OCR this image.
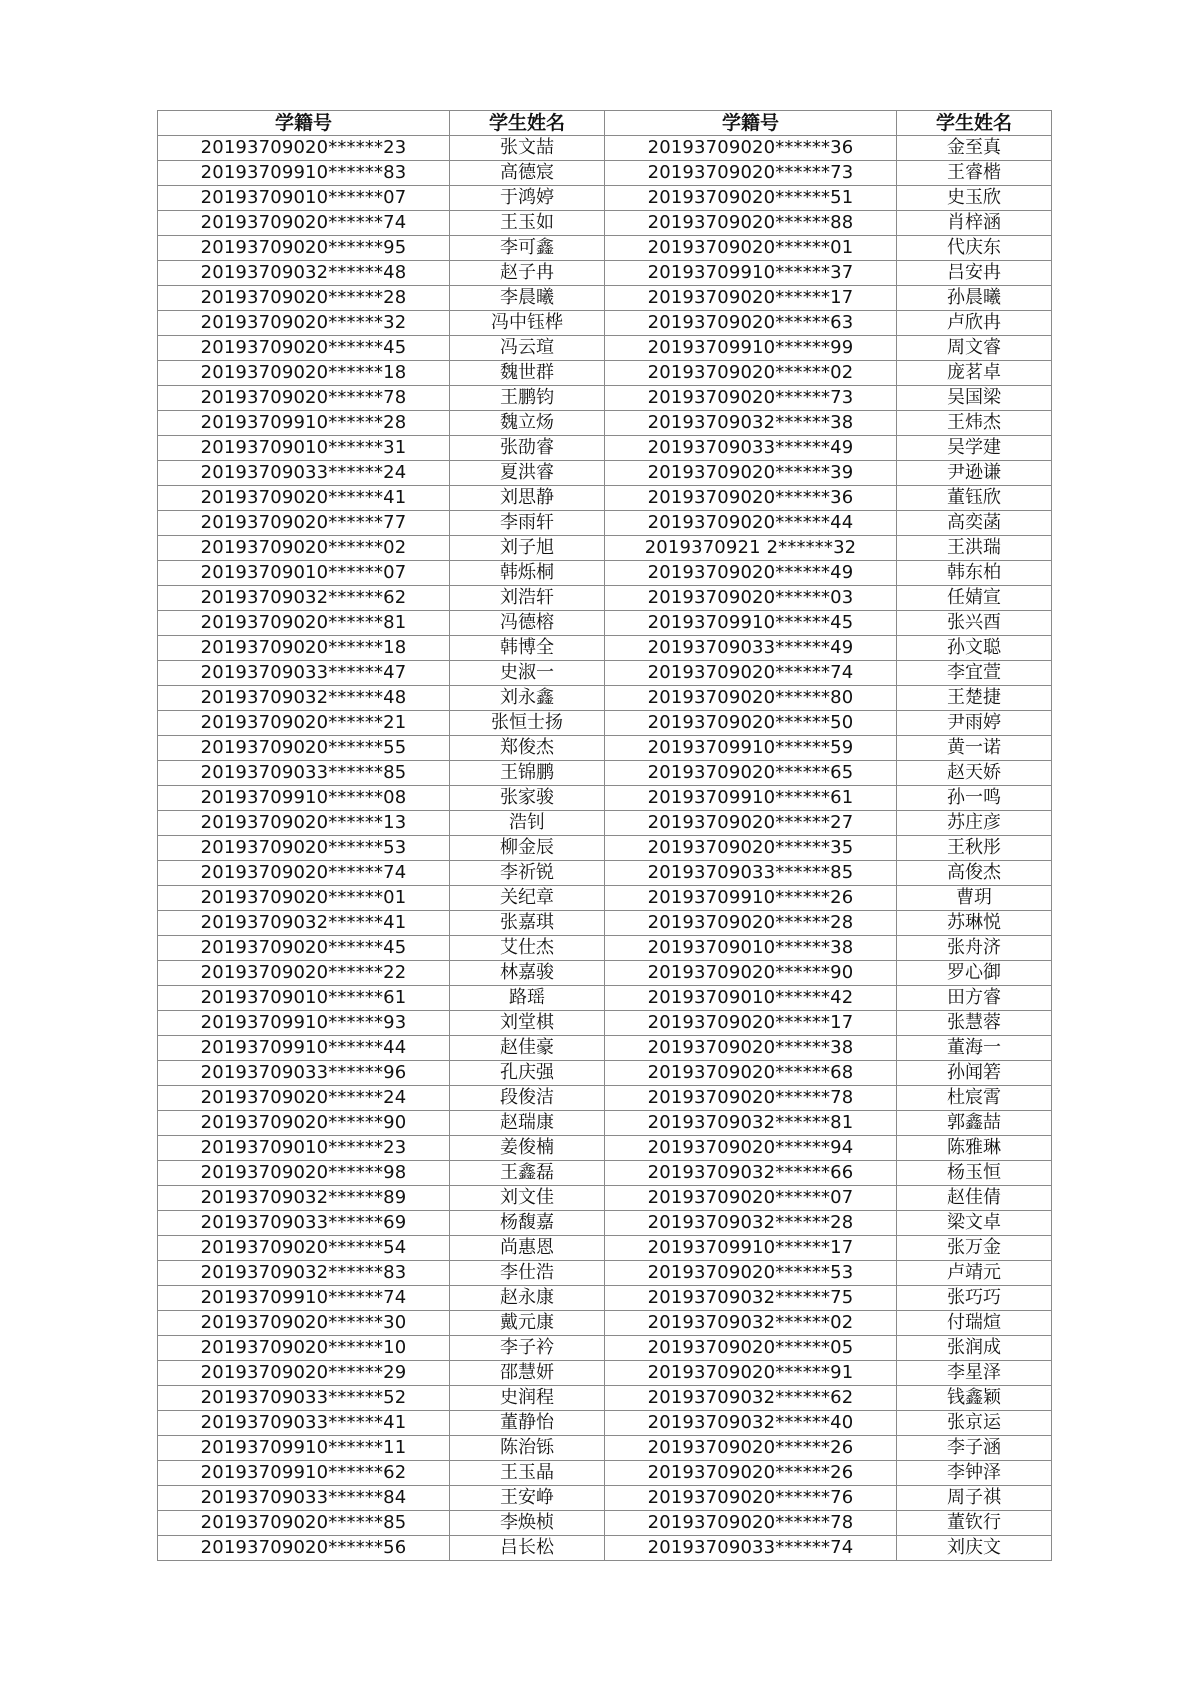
学籍号	学生姓名	学籍号	学生姓名
20193709020******23	张文喆	20193709020******36	金至真
20193709910******83	高德宸	20193709020******73	王睿楷
20193709010******07	于鸿婷	20193709020******51	史玉欣
20193709020******74	王玉如	20193709020******88	肖梓涵
20193709020******95	李可鑫	20193709020******01	代庆东
20193709032******48	赵子冉	20193709910******37	吕安冉
20193709020******28	李晨曦	20193709020******17	孙晨曦
20193709020******32	冯中钰桦	20193709020******63	卢欣冉
20193709020******45	冯云瑄	20193709910******99	周文睿
20193709020******18	魏世群	20193709020******02	庞茗卓
20193709020******78	王鹏钧	20193709020******73	吴国梁
20193709910******28	魏立炀	20193709032******38	王炜杰
20193709010******31	张劭睿	20193709033******49	吴学建
20193709033******24	夏洪睿	20193709020******39	尹逊谦
20193709020******41	刘思静	20193709020******36	董钰欣
20193709020******77	李雨轩	20193709020******44	高奕菡
20193709020******02	刘子旭	2019370921 2******32	王洪瑞
20193709010******07	韩烁桐	20193709020******49	韩东柏
20193709032******62	刘浩轩	20193709020******03	任婧宣
20193709020******81	冯德榕	20193709910******45	张兴酉
20193709020******18	韩博全	20193709033******49	孙文聪
20193709033******47	史淑一	20193709020******74	李宜萱
20193709032******48	刘永鑫	20193709020******80	王楚捷
20193709020******21	张恒士扬	20193709020******50	尹雨婷
20193709020******55	郑俊杰	20193709910******59	黄一诺
20193709033******85	王锦鹏	20193709020******65	赵天娇
20193709910******08	张家骏	20193709910******61	孙一鸣
20193709020******13	浩钊	20193709020******27	苏庄彦
20193709020******53	柳金辰	20193709020******35	王秋彤
20193709020******74	李祈锐	20193709033******85	高俊杰
20193709020******01	关纪章	20193709910******26	曹玥
20193709032******41	张嘉琪	20193709020******28	苏琳悦
20193709020******45	艾仕杰	20193709010******38	张舟济
20193709020******22	林嘉骏	20193709020******90	罗心御
20193709010******61	路瑶	20193709010******42	田方睿
20193709910******93	刘堂棋	20193709020******17	张慧蓉
20193709910******44	赵佳豪	20193709020******38	董海一
20193709033******96	孔庆强	20193709020******68	孙闻箬
20193709020******24	段俊洁	20193709020******78	杜宸霄
20193709020******90	赵瑞康	20193709032******81	郭鑫喆
20193709010******23	姜俊楠	20193709020******94	陈雅琳
20193709020******98	王鑫磊	20193709032******66	杨玉恒
20193709032******89	刘文佳	20193709020******07	赵佳倩
20193709033******69	杨馥嘉	20193709032******28	梁文卓
20193709020******54	尚惠恩	20193709910******17	张万金
20193709032******83	李仕浩	20193709020******53	卢靖元
20193709910******74	赵永康	20193709032******75	张巧巧
20193709020******30	戴元康	20193709032******02	付瑞煊
20193709020******10	李子衿	20193709020******05	张润成
20193709020******29	邵慧妍	20193709020******91	李星泽
20193709033******52	史润程	20193709032******62	钱鑫颖
20193709033******41	董静怡	20193709032******40	张京运
20193709910******11	陈治铄	20193709020******26	李子涵
20193709910******62	王玉晶	20193709020******26	李钟泽
20193709033******84	王安峥	20193709020******76	周子祺
20193709020******85	李焕桢	20193709020******78	董钦行
20193709020******56	吕长松	20193709033******74	刘庆文
